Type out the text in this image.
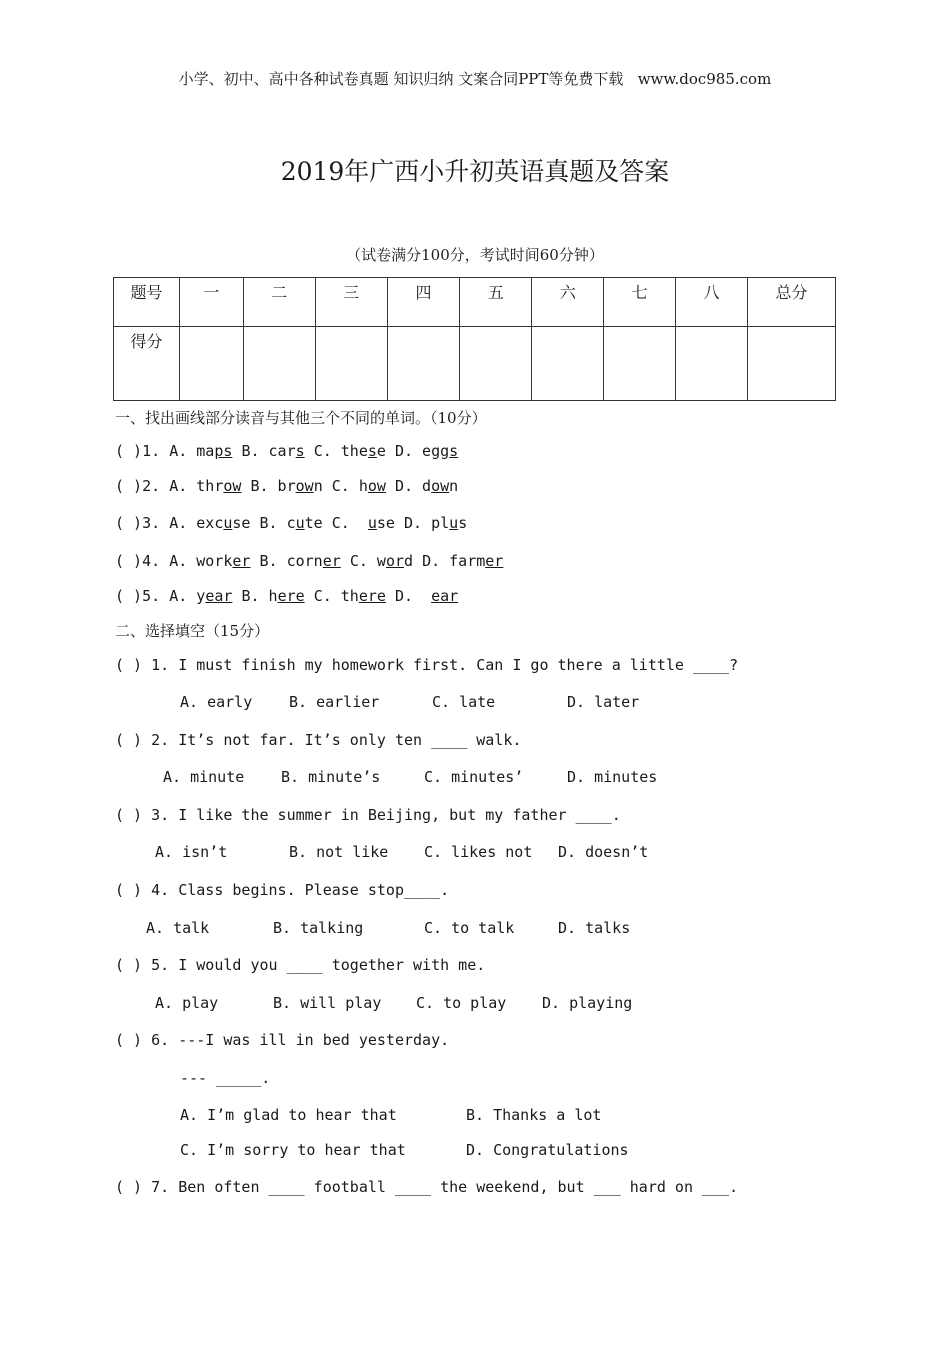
小学、初中、高中各种试卷真题 知识归纳 文案合同PPT等免费下载   www.doc985.com
2019年广西小升初英语真题及答案
（试卷满分100分，考试时间60分钟）
题号	一	二	三	四	五	六	七	八	总分
得分									
一、找出画线部分读音与其他三个不同的单词。（10分）
( )1. A. maps B. cars C. these D. eggs
( )2. A. throw B. brown C. how D. down
( )3. A. excuse B. cute C.  use D. plus
( )4. A. worker B. corner C. word D. farmer
( )5. A. year B. here C. there D.  ear
二、选择填空（15分）
( ) 1. I must finish my homework first. Can I go there a little ____?
A. early B. earlier	C. late	D. later
( ) 2. It’s not far. It’s only ten ____ walk.
A. minute B. minute’s	C. minutes’	D. minutes
( ) 3. I like the summer in Beijing, but my father ____.
A. isn’t	B. not like C. likes not D. doesn’t
( ) 4. Class begins. Please stop____.
A. talk	B. talking	C. to talk	D. talks
( ) 5. I would you ____ together with me.
A. play	B. will play C. to play D. playing
( ) 6. ---I was ill in bed yesterday.
--- _____.
A. I’m glad to hear that	B. Thanks a lot
C. I’m sorry to hear that	D. Congratulations
( ) 7. Ben often ____ football ____ the weekend, but ___ hard on ___.
